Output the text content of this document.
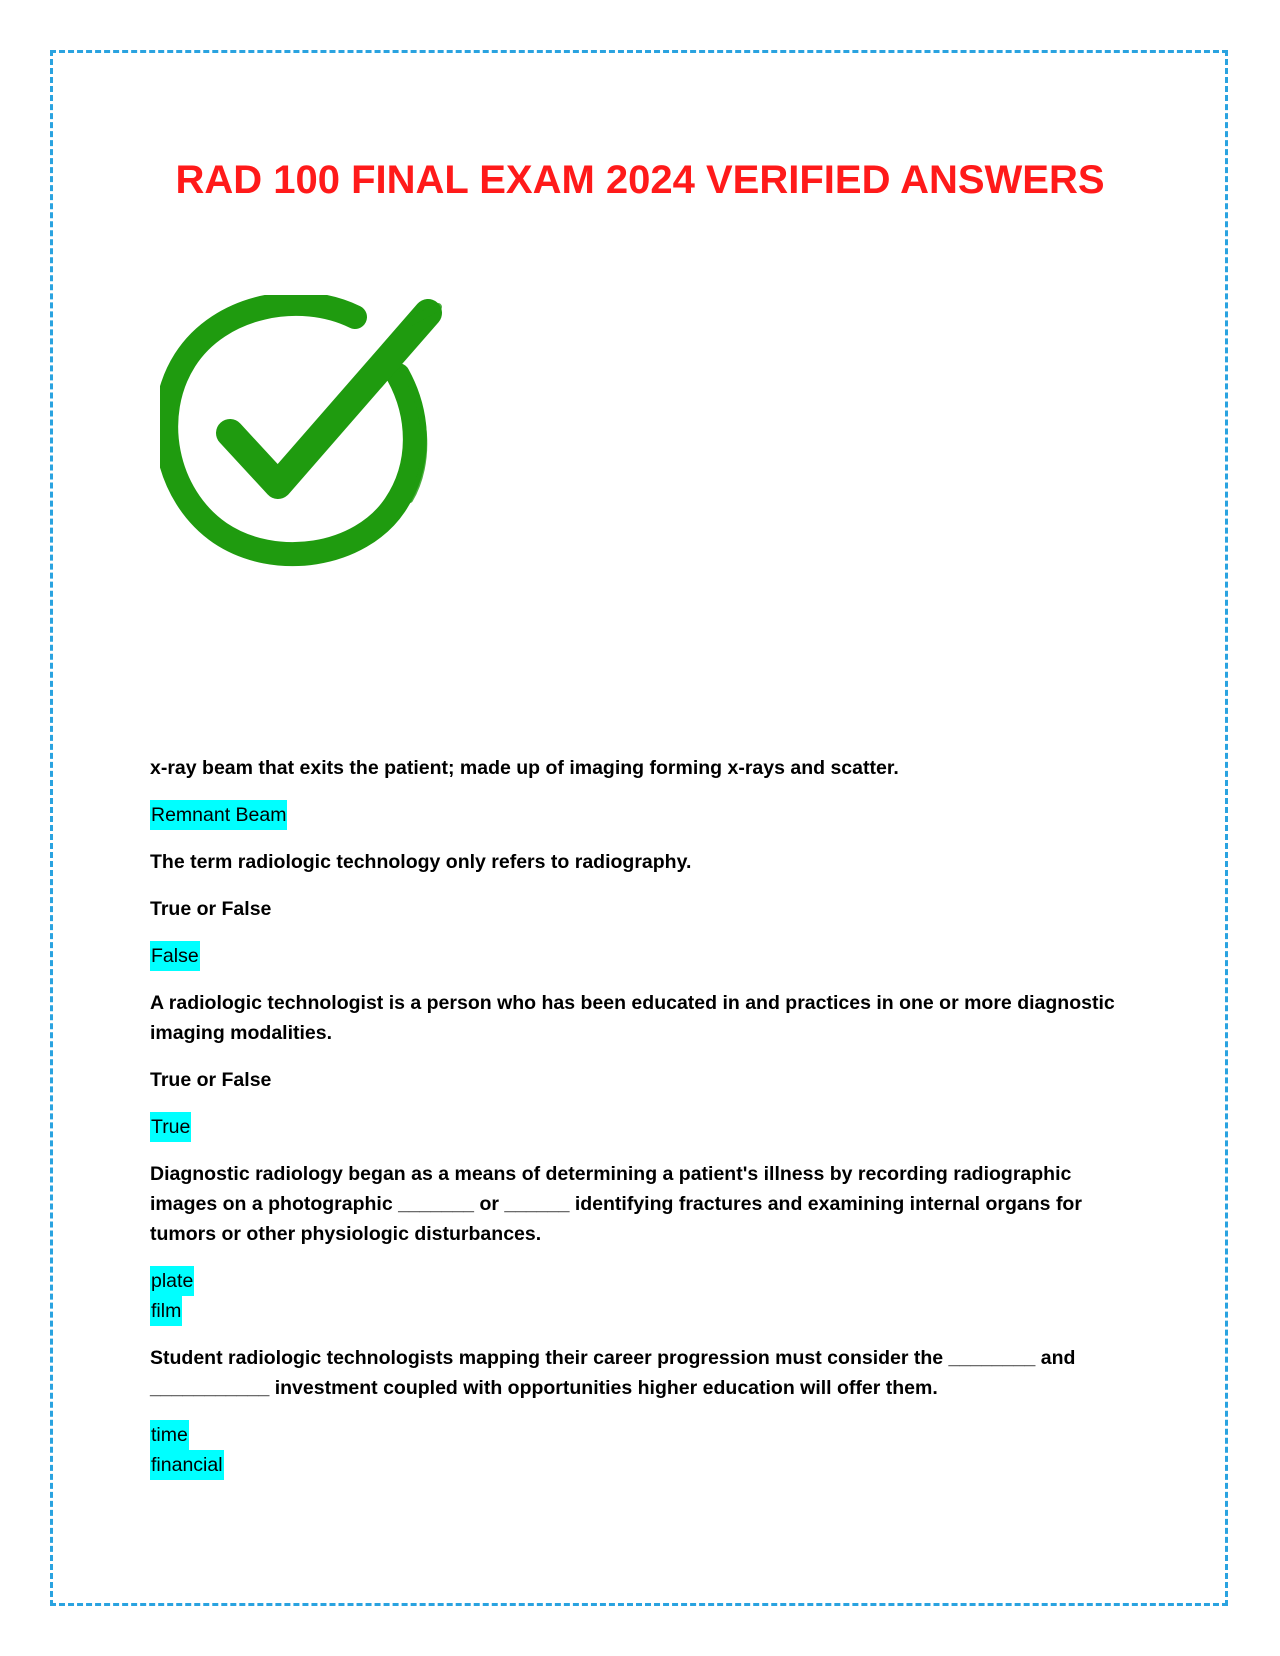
RAD 100 FINAL EXAM 2024 VERIFIED ANSWERS

x-ray beam that exits the patient; made up of imaging forming x-rays and scatter.

Remnant Beam

The term radiologic technology only refers to radiography.

True or False

False

A radiologic technologist is a person who has been educated in and practices in one or more diagnostic imaging modalities.

True or False

True

Diagnostic radiology began as a means of determining a patient's illness by recording radiographic images on a photographic _______ or ______ identifying fractures and examining internal organs for tumors or other physiologic disturbances.

plate
film

Student radiologic technologists mapping their career progression must consider the ________ and ___________ investment coupled with opportunities higher education will offer them.

time
financial
